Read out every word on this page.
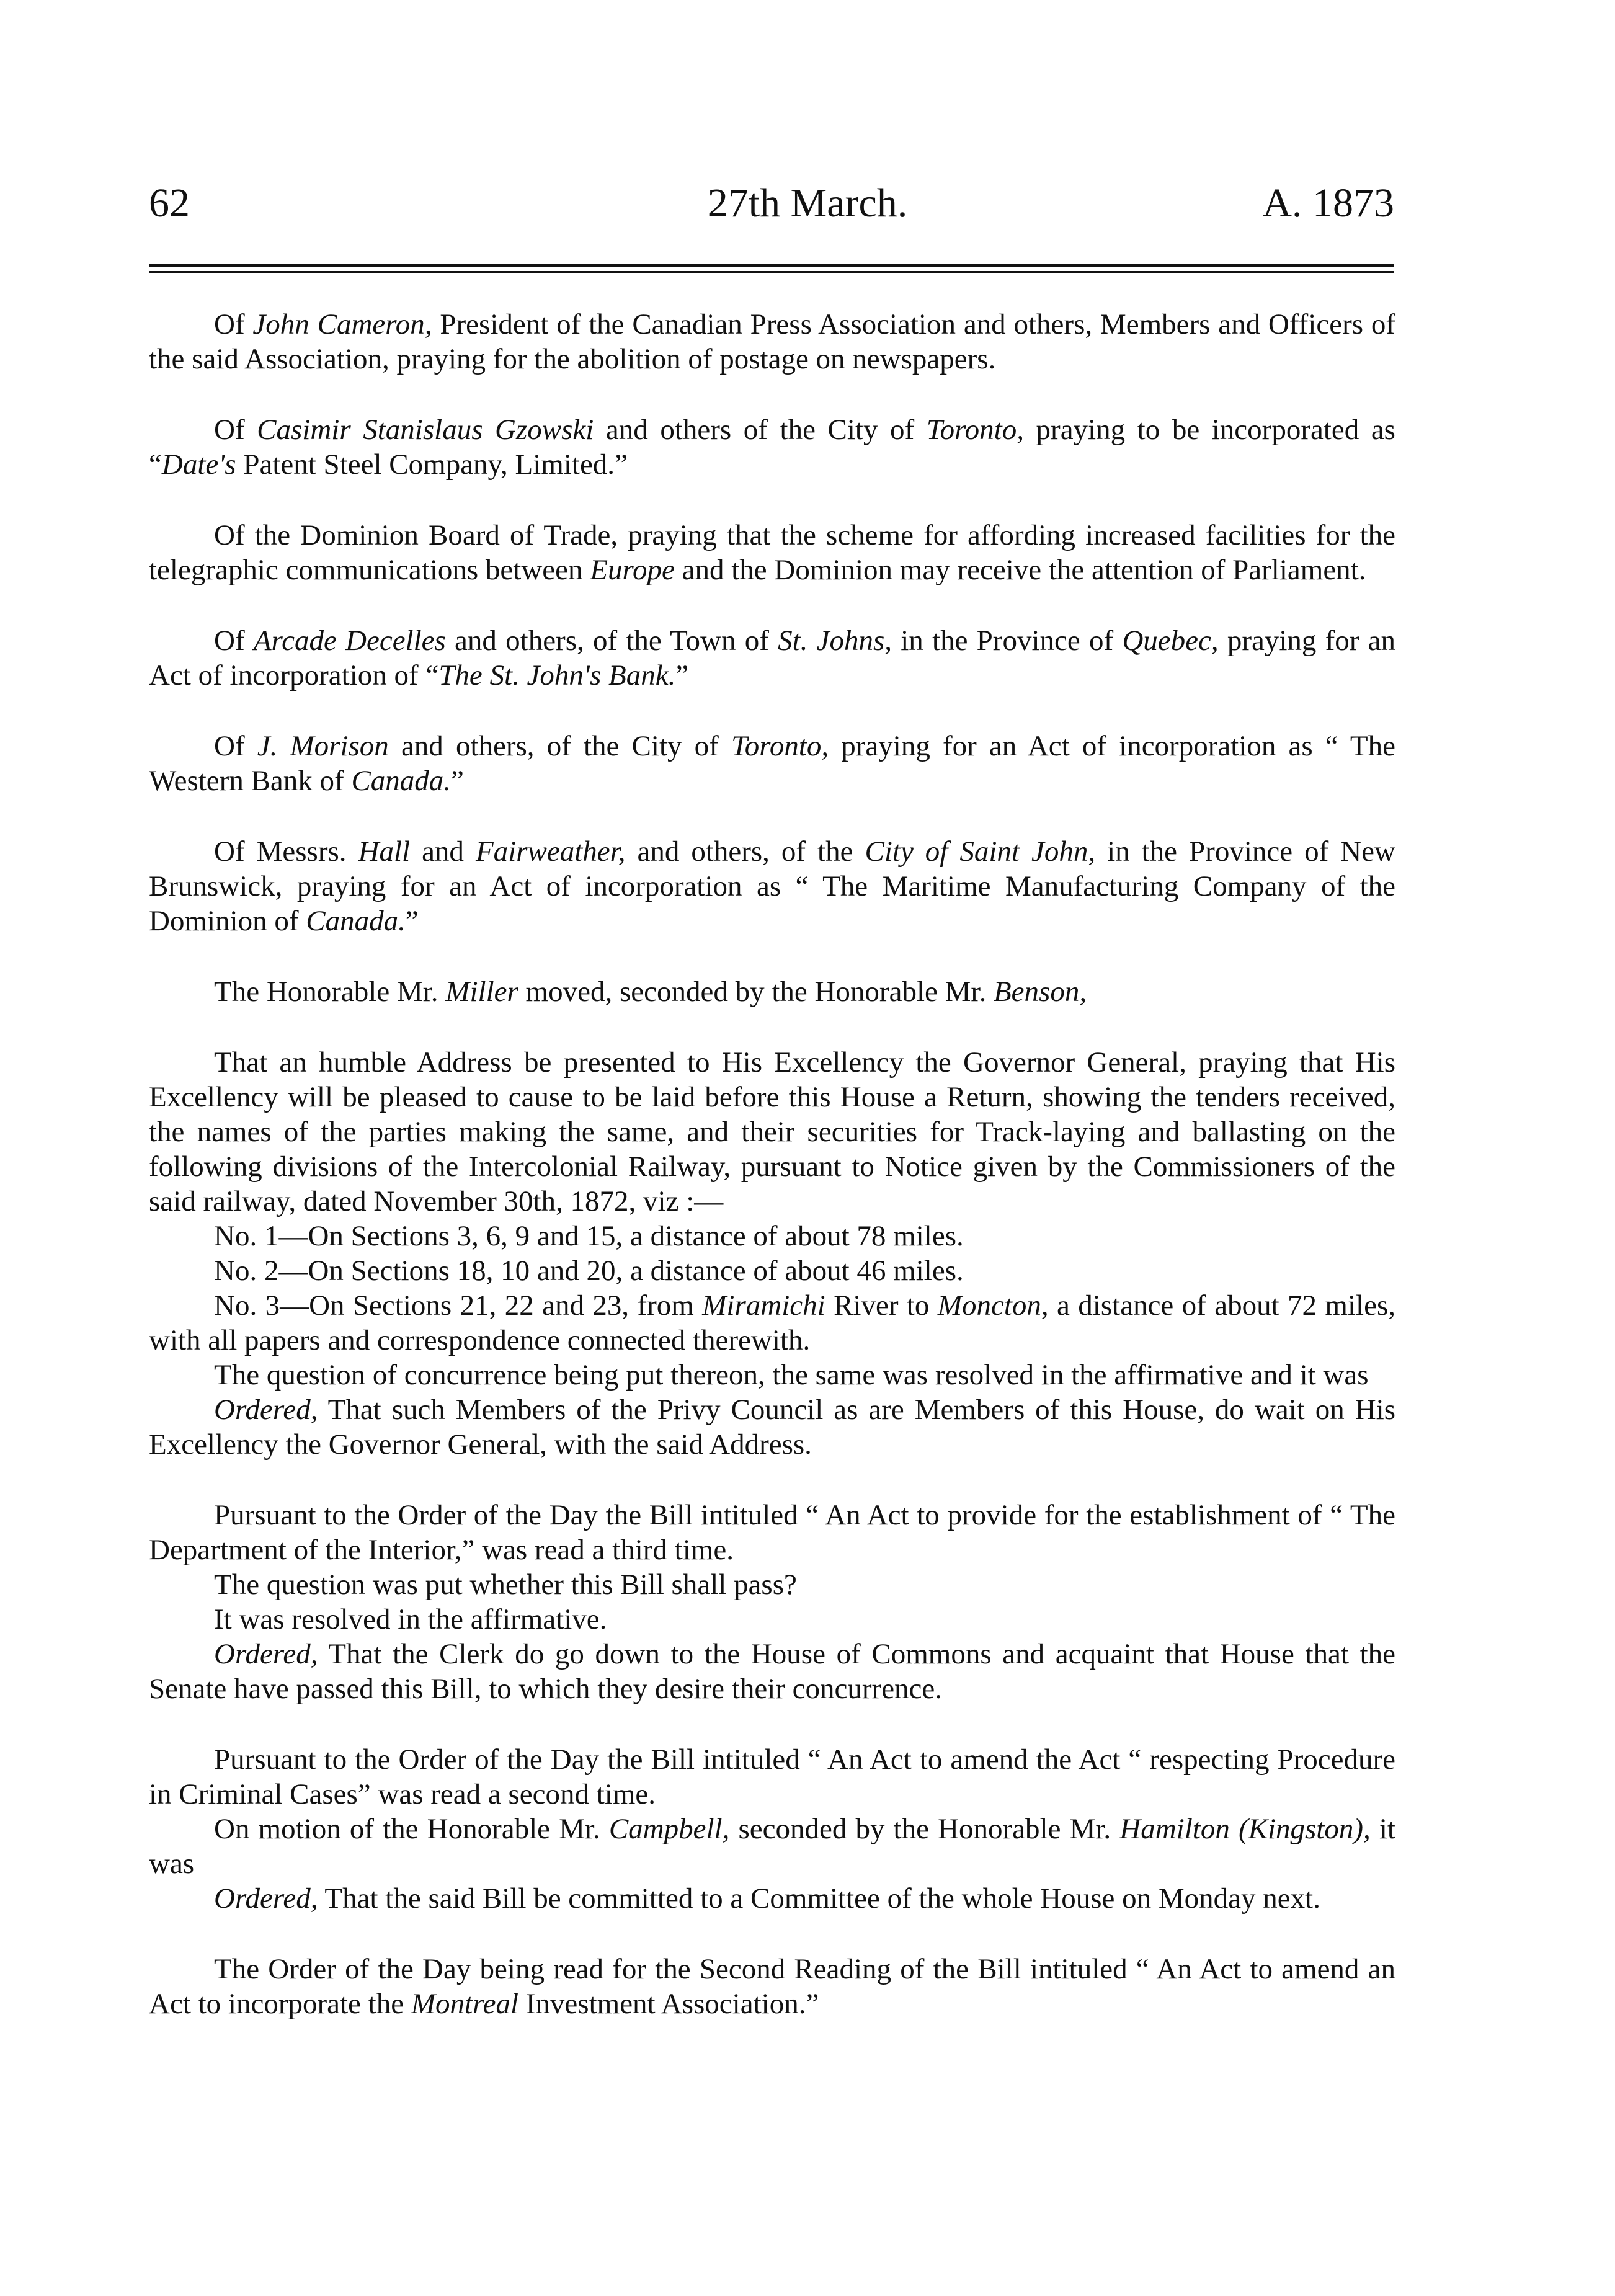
62	27th March.	A. 1873

Of John Cameron, President of the Canadian Press Association and others, Members and Officers of the said Association, praying for the abolition of postage on newspapers.

Of Casimir Stanislaus Gzowski and others of the City of Toronto, praying to be incorporated as “Date's Patent Steel Company, Limited.”

Of the Dominion Board of Trade, praying that the scheme for affording increased facilities for the telegraphic communications between Europe and the Dominion may receive the attention of Parliament.

Of Arcade Decelles and others, of the Town of St. Johns, in the Province of Quebec, praying for an Act of incorporation of “The St. John's Bank.”

Of J. Morison and others, of the City of Toronto, praying for an Act of incorporation as “ The Western Bank of Canada.”

Of Messrs. Hall and Fairweather, and others, of the City of Saint John, in the Province of New Brunswick, praying for an Act of incorporation as “ The Maritime Manufacturing Company of the Dominion of Canada.”

The Honorable Mr. Miller moved, seconded by the Honorable Mr. Benson,

That an humble Address be presented to His Excellency the Governor General, praying that His Excellency will be pleased to cause to be laid before this House a Return, showing the tenders received, the names of the parties making the same, and their securities for Track-laying and ballasting on the following divisions of the Intercolonial Railway, pursuant to Notice given by the Commissioners of the said railway, dated November 30th, 1872, viz :—

No. 1—On Sections 3, 6, 9 and 15, a distance of about 78 miles.

No. 2—On Sections 18, 10 and 20, a distance of about 46 miles.

No. 3—On Sections 21, 22 and 23, from Miramichi River to Moncton, a distance of about 72 miles, with all papers and correspondence connected therewith.

The question of concurrence being put thereon, the same was resolved in the affirmative and it was

Ordered, That such Members of the Privy Council as are Members of this House, do wait on His Excellency the Governor General, with the said Address.

Pursuant to the Order of the Day the Bill intituled “ An Act to provide for the establishment of “ The Department of the Interior,” was read a third time.

The question was put whether this Bill shall pass?

It was resolved in the affirmative.

Ordered, That the Clerk do go down to the House of Commons and acquaint that House that the Senate have passed this Bill, to which they desire their concurrence.

Pursuant to the Order of the Day the Bill intituled “ An Act to amend the Act “ respecting Procedure in Criminal Cases” was read a second time.

On motion of the Honorable Mr. Campbell, seconded by the Honorable Mr. Hamilton (Kingston), it was

Ordered, That the said Bill be committed to a Committee of the whole House on Monday next.

The Order of the Day being read for the Second Reading of the Bill intituled “ An Act to amend an Act to incorporate the Montreal Investment Association.”
